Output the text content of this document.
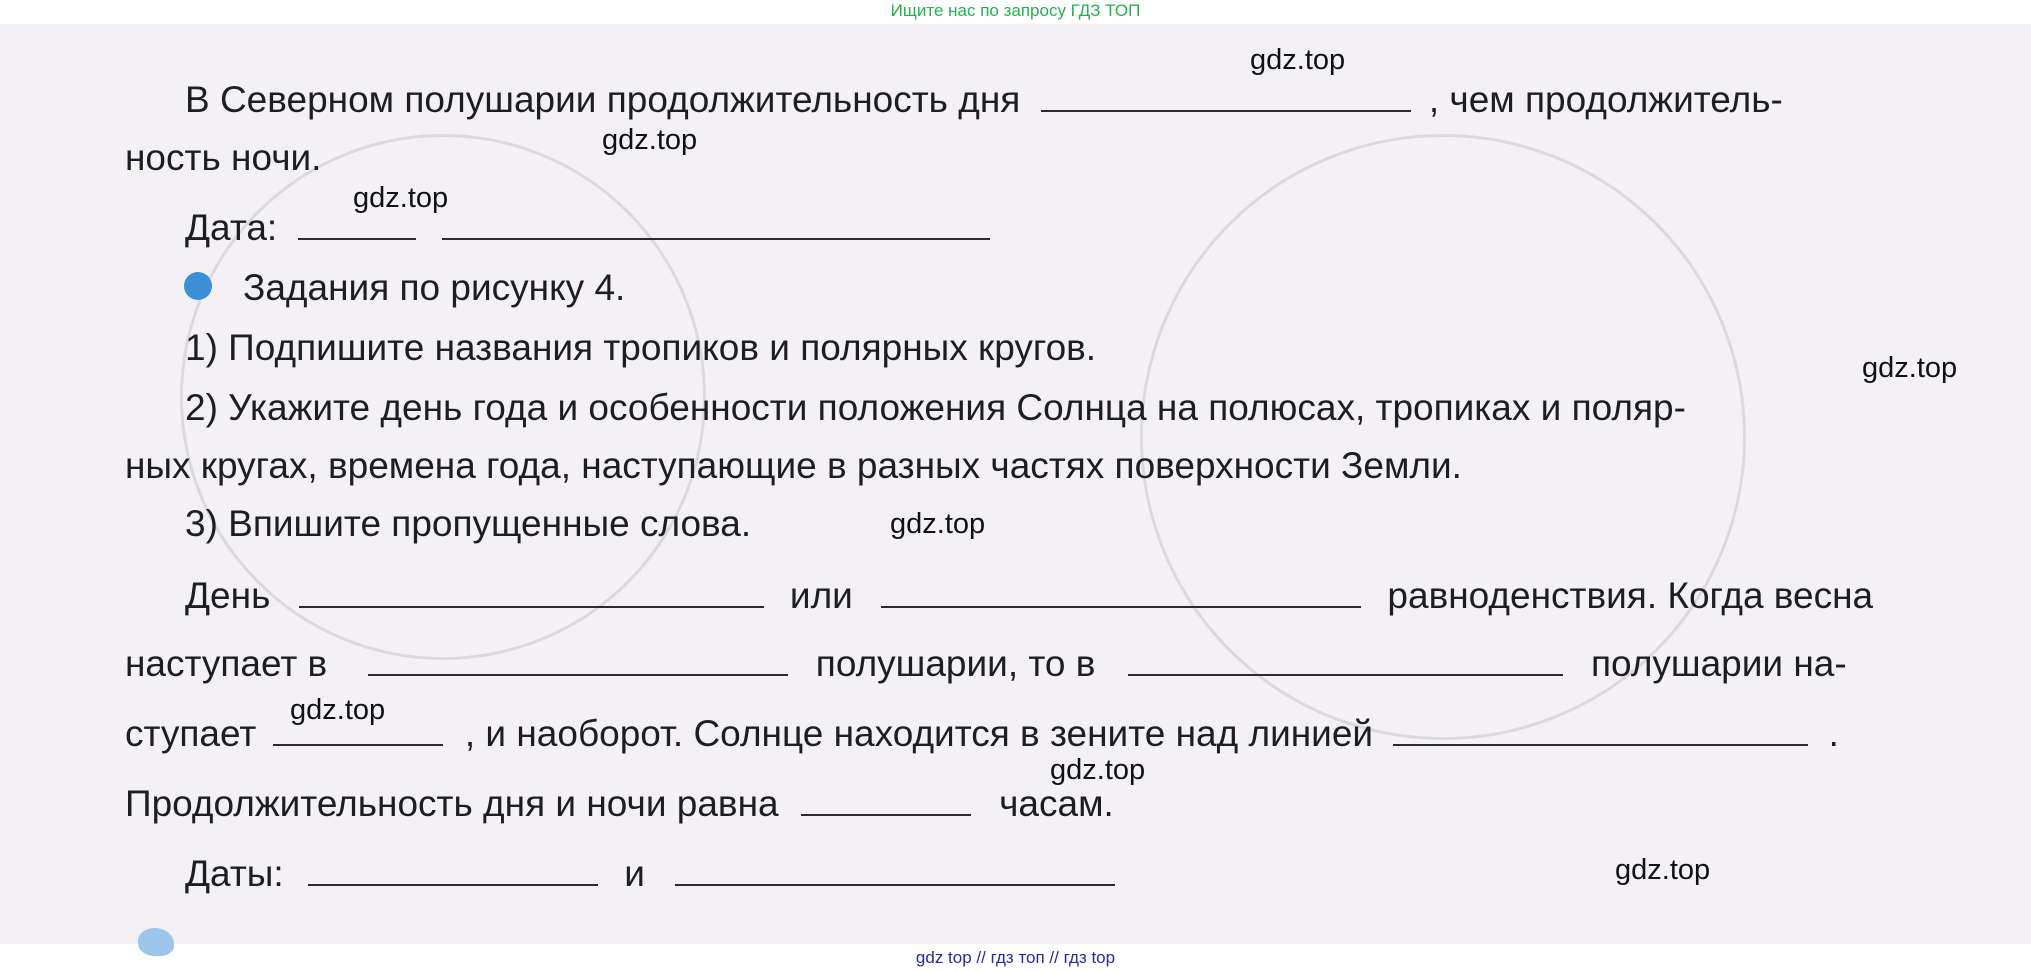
Ищите нас по запросу ГДЗ ТОП
В Северном полушарии продолжительность дня	, чем продолжитель-
ность ночи.
Дата:
Задания по рисунку 4.
1) Подпишите названия тропиков и полярных кругов.
2) Укажите день года и особенности положения Солнца на полюсах, тропиках и поляр-
ных кругах, времена года, наступающие в разных частях поверхности Земли.
3) Впишите пропущенные слова.
День	или	равноденствия. Когда весна
наступает в	полушарии, то в	полушарии на-
ступает	, и наоборот. Солнце находится в зените над линией	.
Продолжительность дня и ночи равна	часам.
Даты:	и
gdz.top
gdz.top
gdz.top
gdz.top
gdz.top
gdz.top
gdz.top
gdz.top
gdz top // гдз топ // гдз top
